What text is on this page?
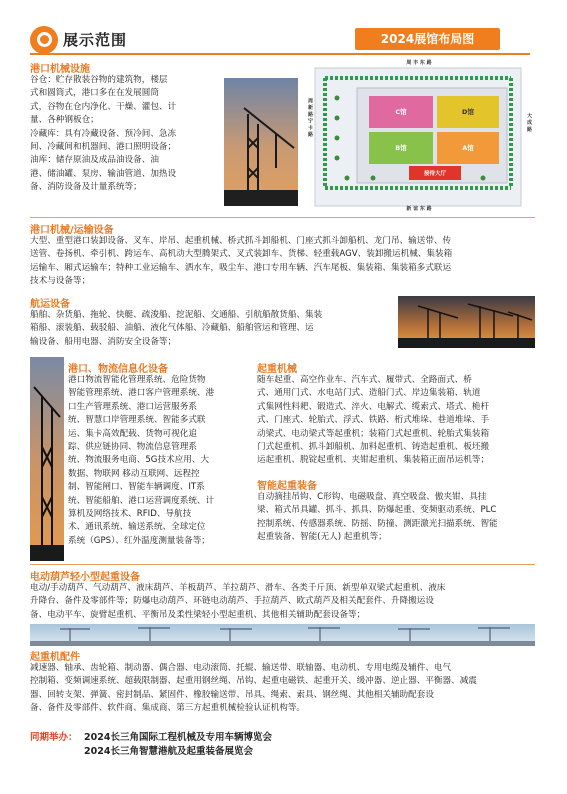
展示范围	2024展馆布局图
港口机械设施
谷仓：贮存散装谷物的建筑物，楼层
式和圆筒式，港口多在在发展圆筒
式，谷物在仓内净化、干燥、灌包、计
量、各种钢板仓；
冷藏库：具有冷藏设备、预冷间、急冻
间、冷藏间和机器间、港口照明设备；
油库：储存原油及成品油设备、油
港、储油罐、泵房、输油管道、加热设
备、消防设备及计量系统等；
周 丰 东 路
新 谊 东 路
周 新 路 宁 卡 路	大 成 路
C馆	D馆
B馆	A馆
接待大厅
港口机械/运输设备
大型、重型港口装卸设备、叉车、岸吊、起重机械、桥式抓斗卸船机、门座式抓斗卸船机、龙门吊、输送带、传
送管、卷扬机、牵引机、跨运车、高机动大型腾架式、叉式装卸车、货梯、轻重载AGV、装卸搬运机械、集装箱
运输车、厢式运输车；特种工业运输车、洒水车，吸尘车、港口专用车辆、汽车尾板、集装箱、集装箱多式联运
技术与设备等；
航运设备
船舶、杂货船、拖轮、快艇、疏浚船、挖泥船、交通船、引航船散货船、集装
箱船、滚装船、载驳船、油船、液化气体船、冷藏船、船舶管运和管理、运
输设备、船用电器、消防安全设备等；
港口、物流信息化设备
港口物流智能化管理系统、危险货物
智能管理系统、港口客户管理系统、港
口生产管理系统、港口运营服务系
统、智慧口岸管理系统、智能多式联
运、集卡高效配载、货物可视化追
踪、供应链协同、物流信息管理系
统、物流服务电商、5G技术应用、大
数据、物联网 移动互联网、远程控
制、智能闸口、智能车辆调度、IT系
统、智能船舶、港口运营调度系统、计
算机及网络技术、RFID、导航技
术、通讯系统、输送系统、全球定位
系统（GPS）、红外温度测量装备等；
起重机械
随车起重、高空作业车、汽车式、履带式、全路面式、桥
式、通用门式、水电站门式、造船门式、岸边集装箱、轨道
式集网性料耙、锻造式、淬火、电解式、缆索式、塔式、桅杆
式、门座式、轮胎式、浮式、铁路、桁式堆垛、巷道堆垛、手
动梁式、电动梁式等起重机；装箱门式起重机、轮胎式集装箱
门式起重机、抓斗卸船机、加料起重机、铸造起重机、板坯搬
运起重机、脱锭起重机、夹钳起重机、集装箱正面吊运机等；
智能起重装备
自动摘挂吊钩、C形钩、电磁吸盘、真空吸盘、傲夹钳、具挂
梁、箱式吊具罐、抓斗、抓具、防爆起重、变频驱动系统、PLC
控制系统、传感器系统、防摇、防撞、测距激光扫描系统、智能
起重装备、智能(无人) 起重机等；
电动葫芦轻小型起重设备
电动/手动葫芦、气动葫芦、液床葫芦、羊板葫芦、羊拉葫芦、滑车、各类千斤顶、新型单双梁式起重机、液床
升降台、备件及零部件等；防爆电动葫芦、环链电动葫芦、手拉葫芦、欧式葫芦及相关配套件、升降搬运设
备、电动平车、旋臂起重机、平衡吊及柔性梁轻小型起重机、其他相关辅助配套设备等；
起重机配件
减速器、轴承、齿轮箱、制动器、偶合器、电动滚筒、托辊、输送带、联轴器、电动机、专用电缆及辅件、电气
控制箱、变频调速系统、超载限制器、起重用钢丝绳、吊钩、起重电磁铁、起重开关、缓冲器、逆止器、平衡器、减震
器、回转支架、弹簧、密封制品、紧固件、橡胶输送带、吊具、绳索、索具、钢丝绳、其他相关辅助配套设
备、备件及零部件、软件商、集成商、第三方起重机械检验认证机构等。
同期举办： 2024长三角国际工程机械及专用车辆博览会
2024长三角智慧港航及起重装备展览会
